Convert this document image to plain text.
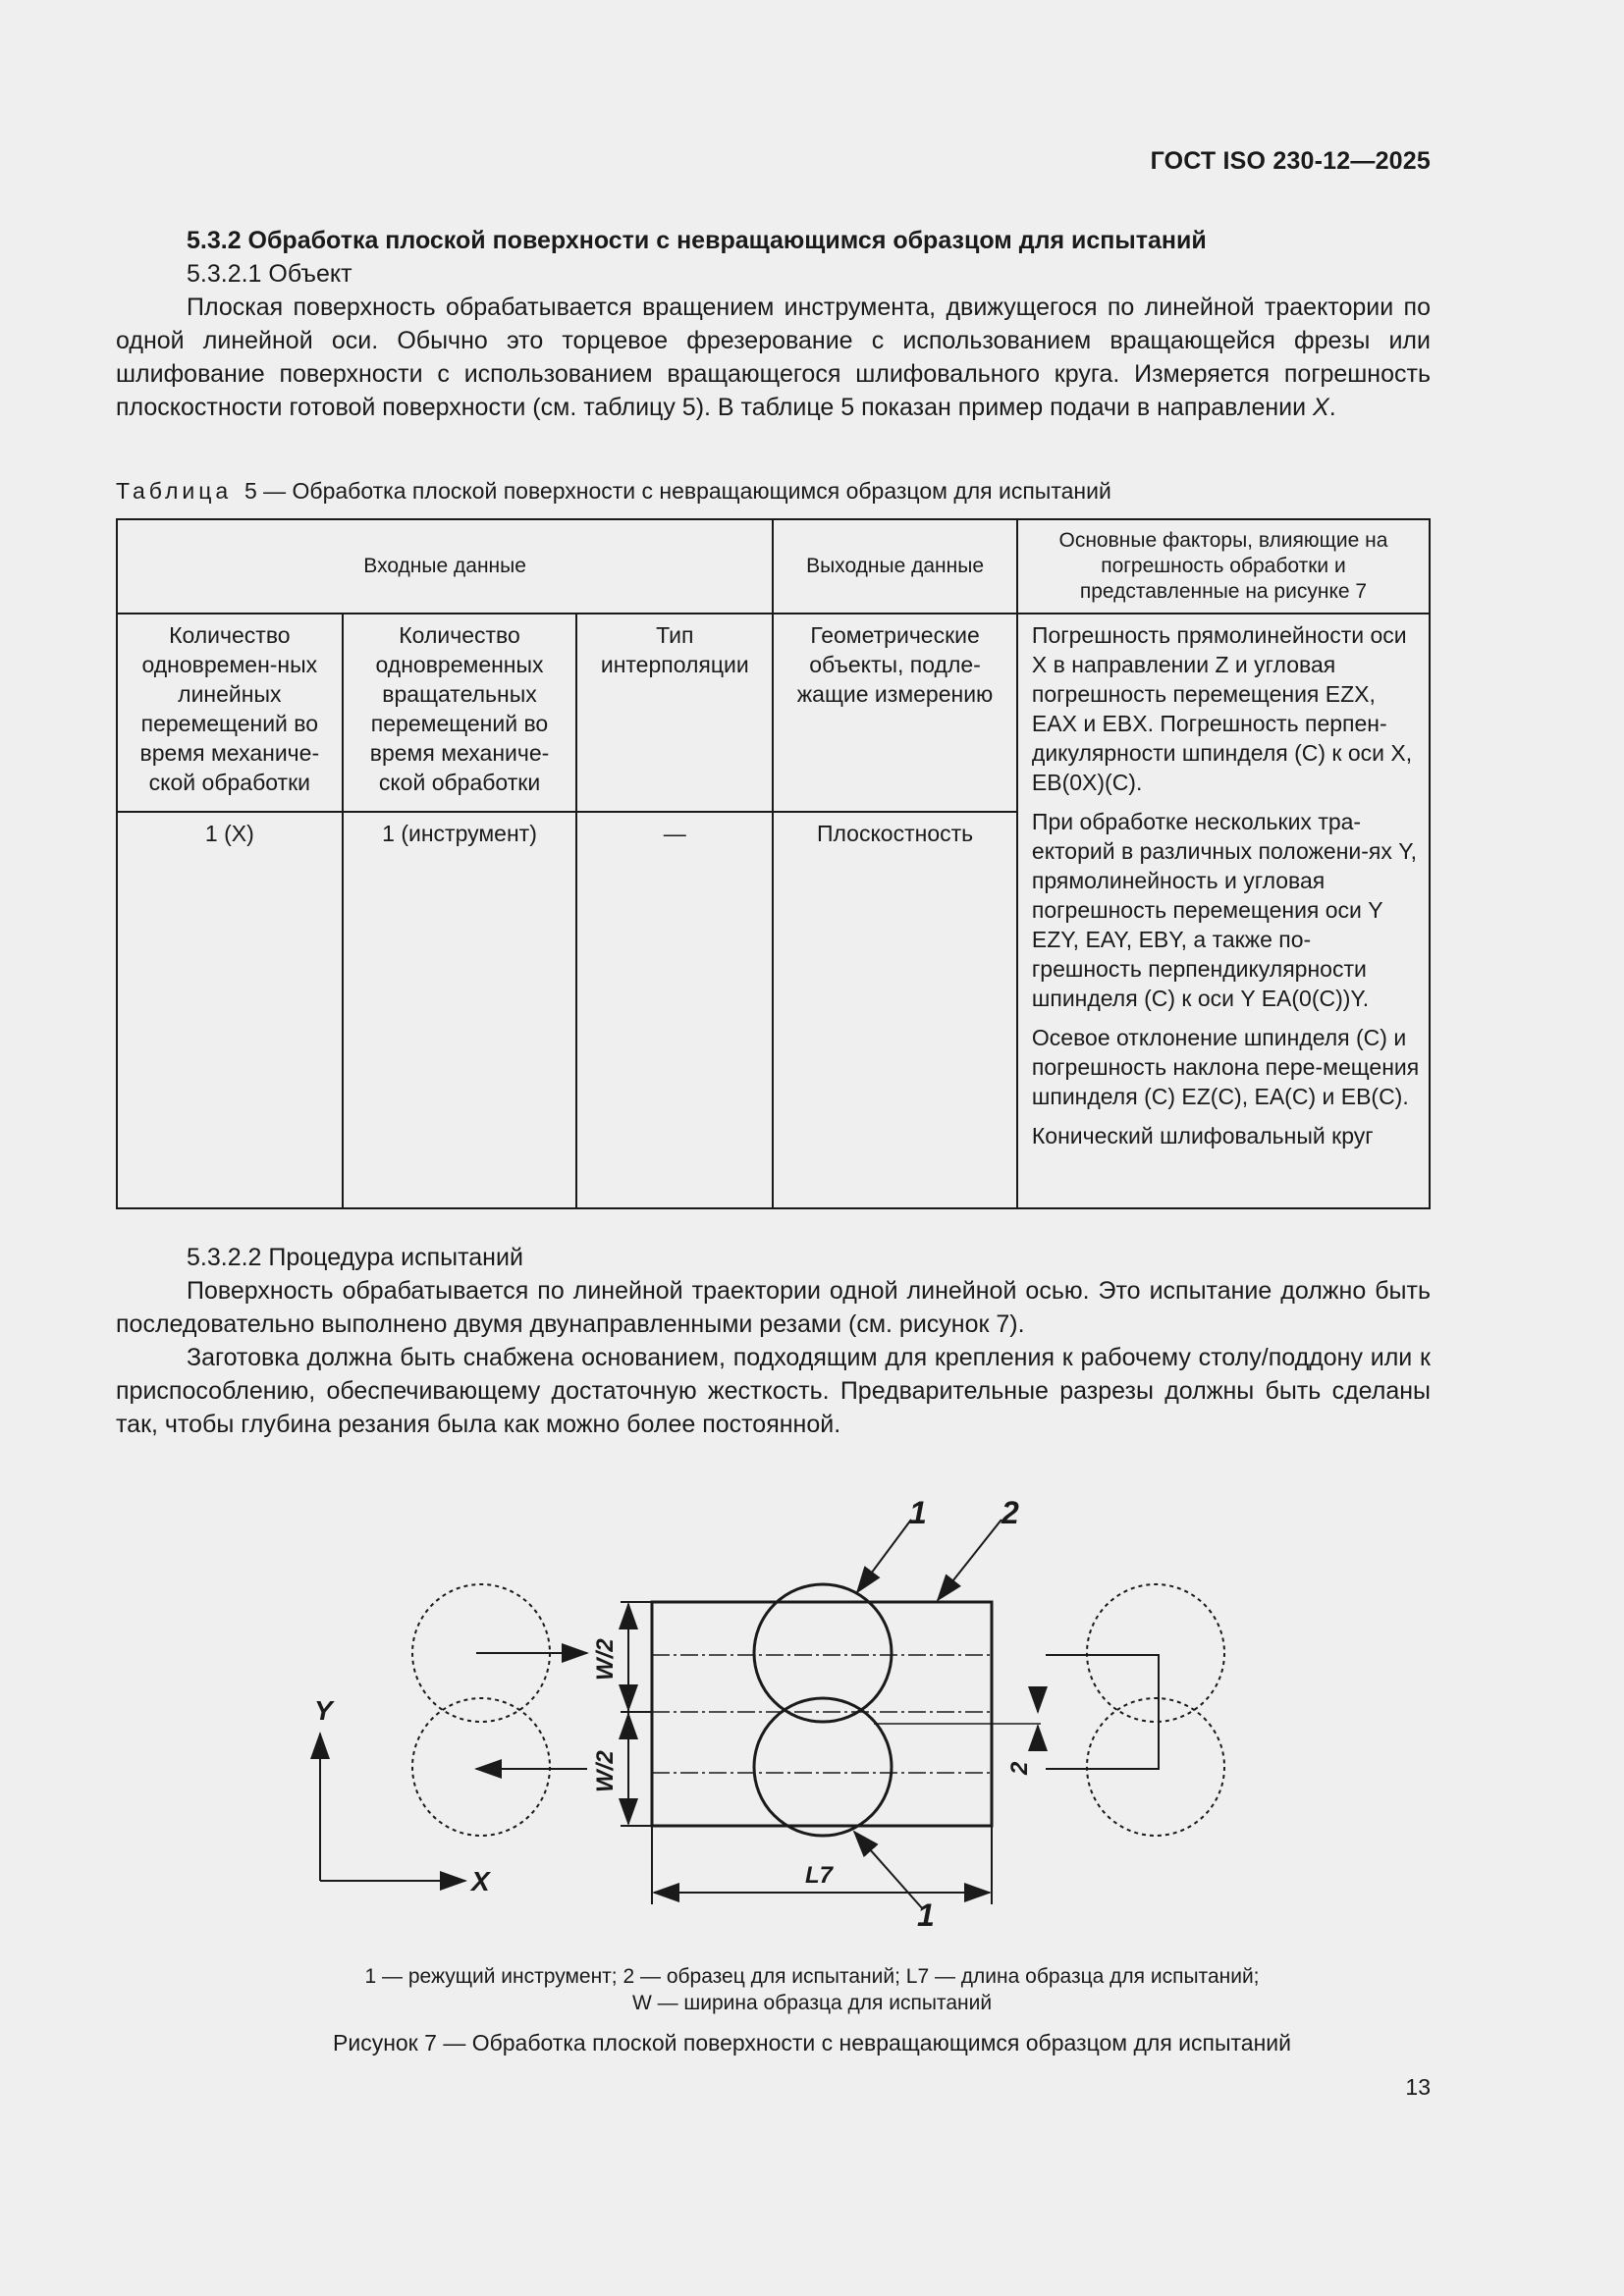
ГОСТ ISO 230-12—2025
5.3.2 Обработка плоской поверхности с невращающимся образцом для испытаний

5.3.2.1 Объект

Плоская поверхность обрабатывается вращением инструмента, движущегося по линейной траектории по одной линейной оси. Обычно это торцевое фрезерование с использованием вращающейся фрезы или шлифование поверхности с использованием вращающегося шлифовального круга. Измеряется погрешность плоскостности готовой поверхности (см. таблицу 5). В таблице 5 показан пример подачи в направлении X.

Таблица 5 — Обработка плоской поверхности с невращающимся образцом для испытаний
Входные данные			Выходные данные	Основные факторы, влияющие на погрешность обработки и представленные на рисунке 7
Количество одновремен-ных линейных перемещений во время механиче-ской обработки	Количество одновременных вращательных перемещений во время механиче-ской обработки	Тип интерполяции	Геометрические объекты, подле-жащие измерению	Погрешность прямолинейности оси X в направлении Z и угловая погрешность перемещения EZX, EAX и EBX. Погрешность перпен-дикулярности шпинделя (C) к оси X, EB(0X)(C).

При обработке нескольких тра-екторий в различных положени-ях Y, прямолинейность и угловая погрешность перемещения оси Y EZY, EAY, EBY, а также по-грешность перпендикулярности шпинделя (C) к оси Y EA(0(C))Y.

Осевое отклонение шпинделя (C) и погрешность наклона пере-мещения шпинделя (C) EZ(C), EA(C) и EB(C).

Конический шлифовальный круг

1 (X)	1 (инструмент)	—	Плоскостность	

5.3.2.2 Процедура испытаний

Поверхность обрабатывается по линейной траектории одной линейной осью. Это испытание должно быть последовательно выполнено двумя двунаправленными резами (см. рисунок 7).

Заготовка должна быть снабжена основанием, подходящим для крепления к рабочему столу/поддону или к приспособлению, обеспечивающему достаточную жесткость. Предварительные разрезы должны быть сделаны так, чтобы глубина резания была как можно более постоянной.

1 2
1
L7
X
Y
W/2
W/2	2
1 — режущий инструмент; 2 — образец для испытаний; L7 — длина образца для испытаний;
W — ширина образца для испытаний
Рисунок 7 — Обработка плоской поверхности с невращающимся образцом для испытаний
13
